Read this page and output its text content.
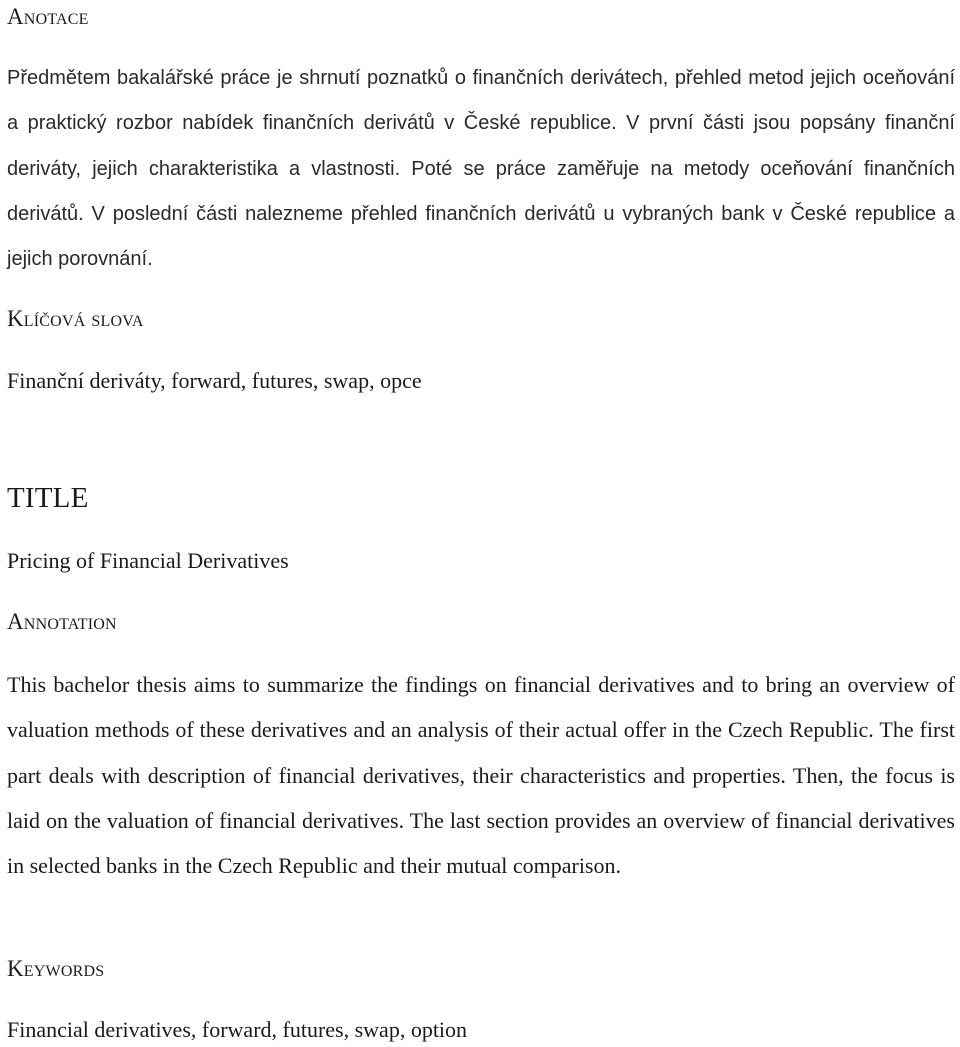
Anotace
Předmětem bakalářské práce je shrnutí poznatků o finančních derivátech, přehled metod jejich oceňování a praktický rozbor nabídek finančních derivátů v České republice. V první části jsou popsány finanční deriváty, jejich charakteristika a vlastnosti. Poté se práce zaměřuje na metody oceňování finančních derivátů. V poslední části nalezneme přehled finančních derivátů u vybraných bank v České republice a jejich porovnání.
Klíčová slova
Finanční deriváty, forward, futures, swap, opce
TITLE
Pricing of Financial Derivatives
Annotation
This bachelor thesis aims to summarize the findings on financial derivatives and to bring an overview of valuation methods of these derivatives and an analysis of their actual offer in the Czech Republic. The first part deals with description of financial derivatives, their characteristics and properties. Then, the focus is laid on the valuation of financial derivatives. The last section provides an overview of financial derivatives in selected banks in the Czech Republic and their mutual comparison.
Keywords
Financial derivatives, forward, futures, swap, option
